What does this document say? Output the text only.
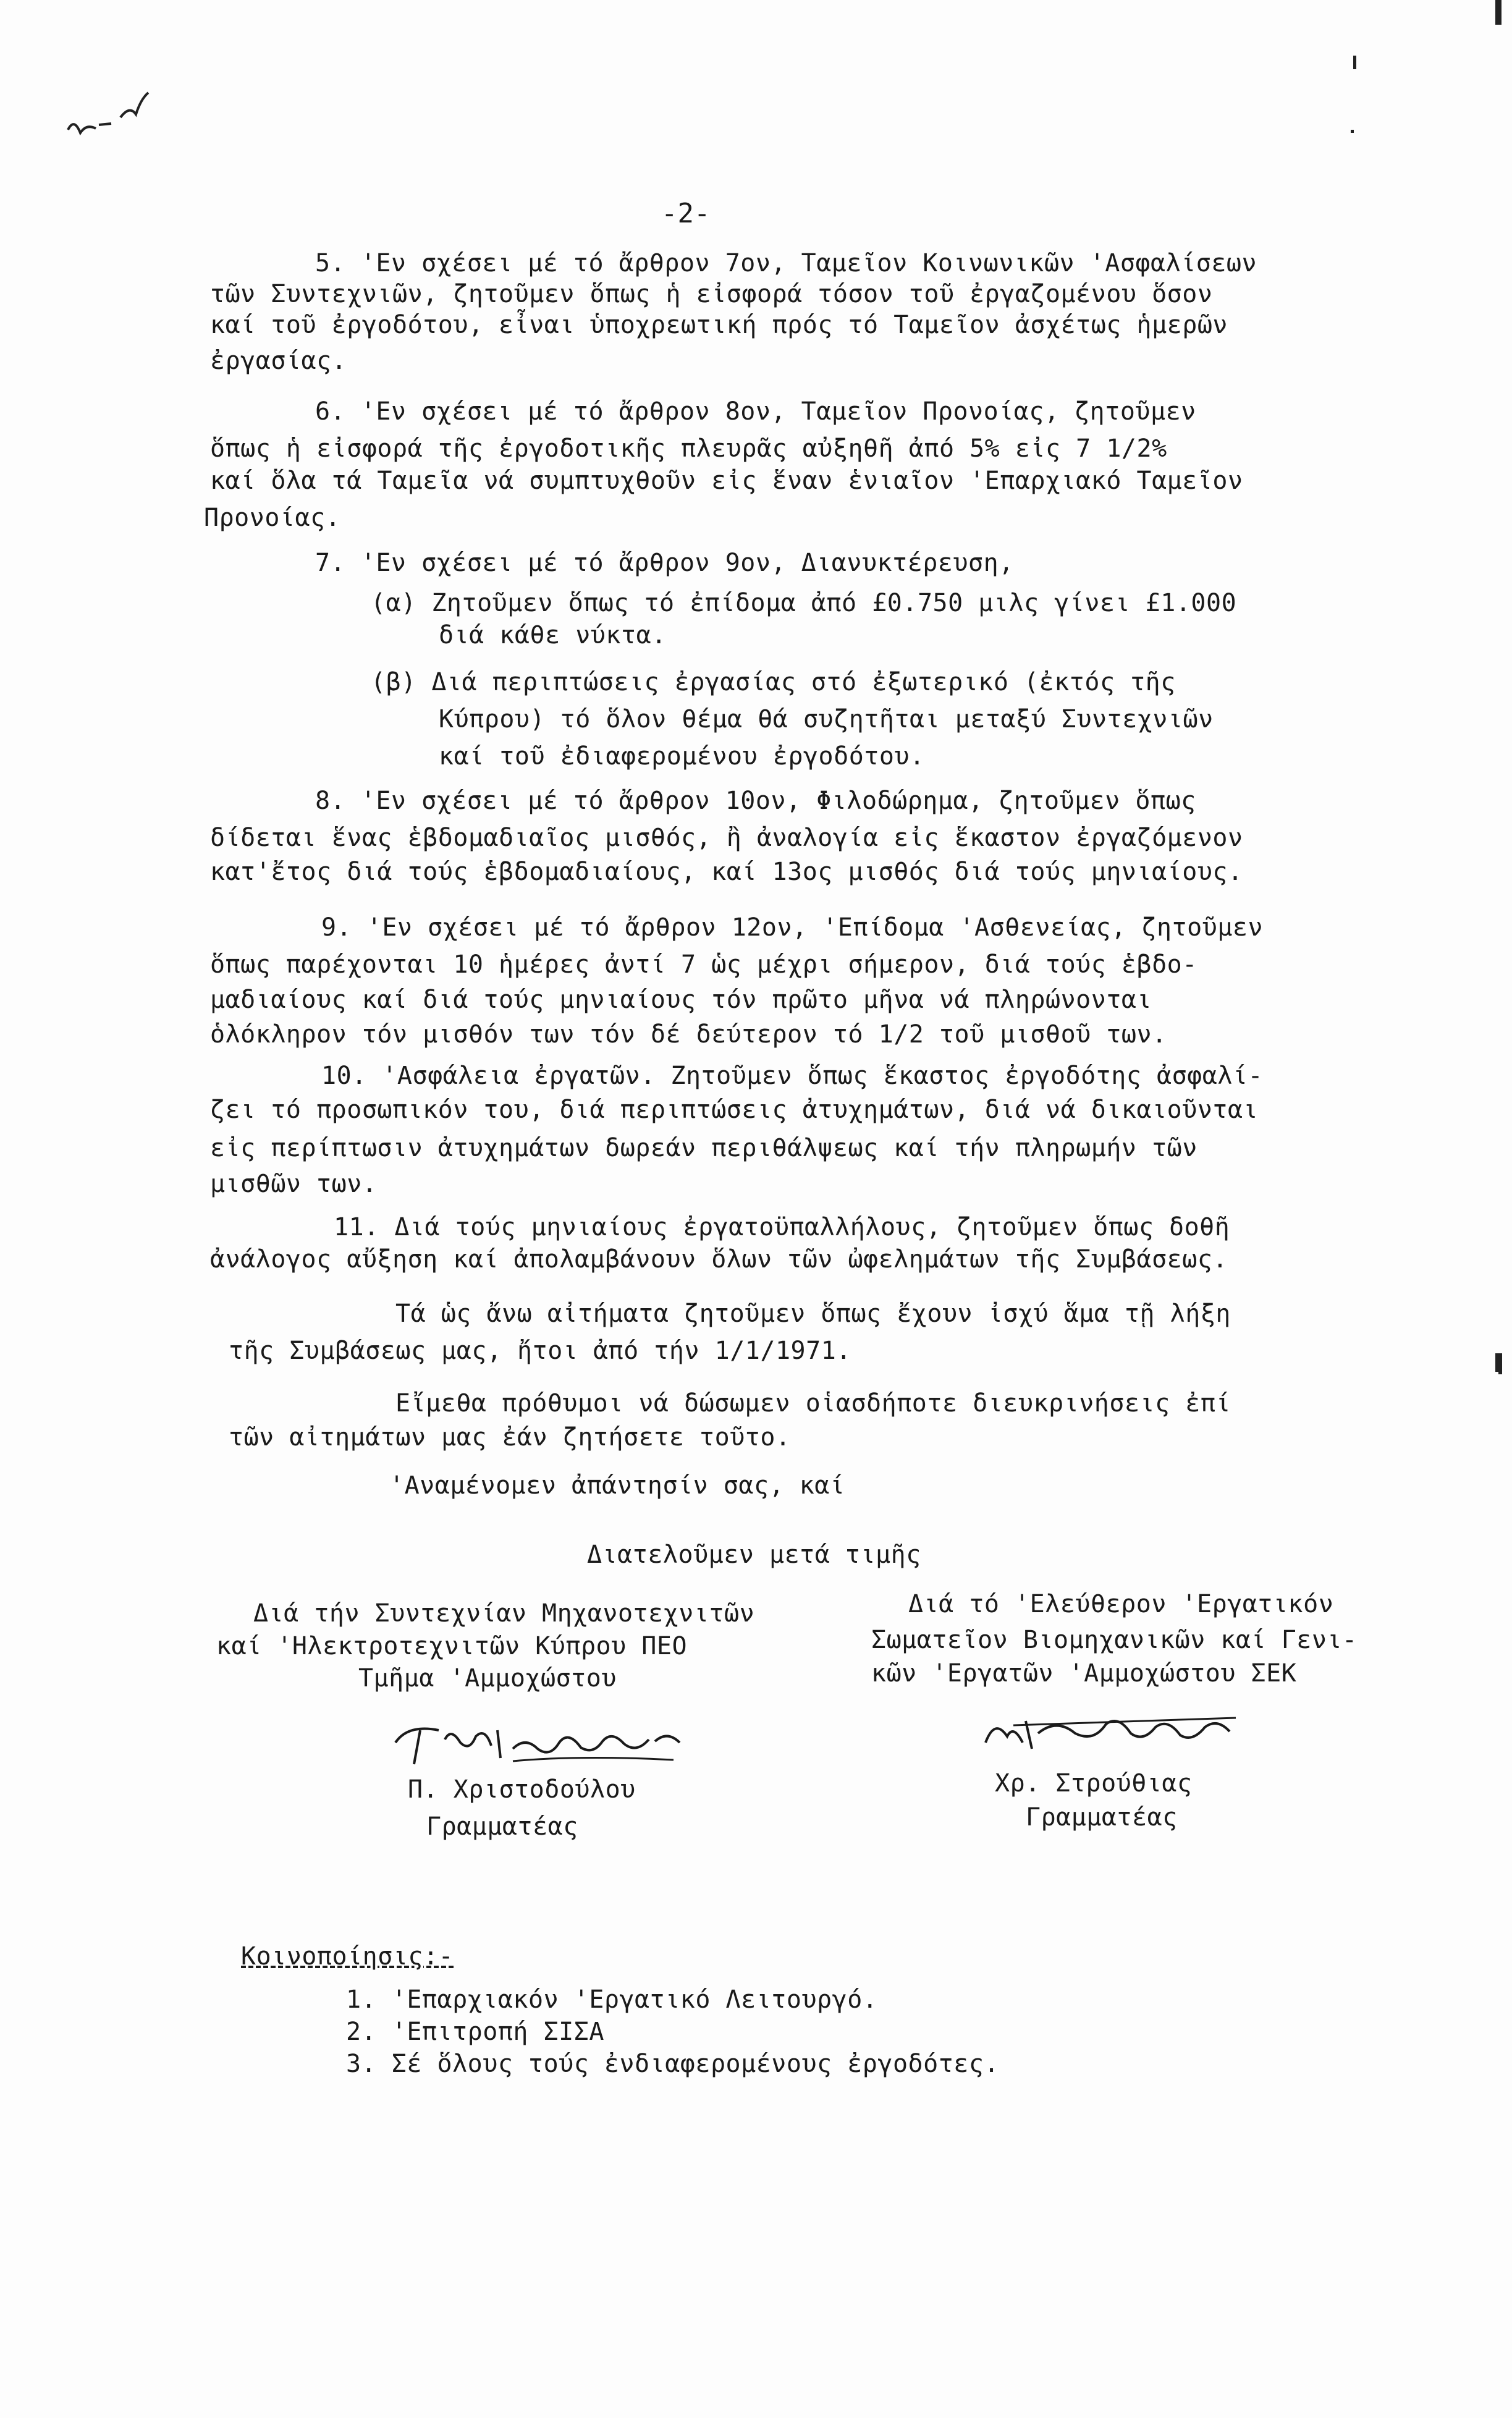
-2-
5. 'Εν σχέσει μέ τό ἄρθρον 7ον, Ταμεῖον Κοινωνικῶν 'Ασφαλίσεων
τῶν Συντεχνιῶν, ζητοῦμεν ὅπως ἡ εἰσφορά τόσον τοῦ ἐργαζομένου ὅσον
καί τοῦ ἐργοδότου, εἶναι ὑποχρεωτική πρός τό Ταμεῖον ἀσχέτως ἡμερῶν
ἐργασίας.
6. 'Εν σχέσει μέ τό ἄρθρον 8ον, Ταμεῖον Προνοίας, ζητοῦμεν
ὅπως ἡ εἰσφορά τῆς ἐργοδοτικῆς πλευρᾶς αὐξηθῆ ἀπό 5% εἰς 7 1/2%
καί ὅλα τά Ταμεῖα νά συμπτυχθοῦν εἰς ἕναν ἑνιαῖον 'Επαρχιακό Ταμεῖον
Προνοίας.
7. 'Εν σχέσει μέ τό ἄρθρον 9ον, Διανυκτέρευση,
(α) Ζητοῦμεν ὅπως τό ἐπίδομα ἀπό £0.750 μιλς γίνει £1.000
διά κάθε νύκτα.
(β) Διά περιπτώσεις ἐργασίας στό ἐξωτερικό (ἐκτός τῆς
Κύπρου) τό ὅλον θέμα θά συζητῆται μεταξύ Συντεχνιῶν
καί τοῦ ἐδιαφερομένου ἐργοδότου.
8. 'Εν σχέσει μέ τό ἄρθρον 10ον, Φιλοδώρημα, ζητοῦμεν ὅπως
δίδεται ἕνας ἑβδομαδιαῖος μισθός, ἢ ἀναλογία εἰς ἕκαστον ἐργαζόμενον
κατ'ἔτος διά τούς ἑβδομαδιαίους, καί 13ος μισθός διά τούς μηνιαίους.
9. 'Εν σχέσει μέ τό ἄρθρον 12ον, 'Επίδομα 'Ασθενείας, ζητοῦμεν
ὅπως παρέχονται 10 ἡμέρες ἀντί 7 ὡς μέχρι σήμερον, διά τούς ἑβδο-
μαδιαίους καί διά τούς μηνιαίους τόν πρῶτο μῆνα νά πληρώνονται
ὁλόκληρον τόν μισθόν των τόν δέ δεύτερον τό 1/2 τοῦ μισθοῦ των.
10. 'Ασφάλεια ἐργατῶν. Ζητοῦμεν ὅπως ἕκαστος ἐργοδότης ἀσφαλί-
ζει τό προσωπικόν του, διά περιπτώσεις ἀτυχημάτων, διά νά δικαιοῦνται
εἰς περίπτωσιν ἀτυχημάτων δωρεάν περιθάλψεως καί τήν πληρωμήν τῶν
μισθῶν των.
11. Διά τούς μηνιαίους ἐργατοϋπαλλήλους, ζητοῦμεν ὅπως δοθῆ
ἀνάλογος αὔξηση καί ἀπολαμβάνουν ὅλων τῶν ὠφελημάτων τῆς Συμβάσεως.
Τά ὡς ἄνω αἰτήματα ζητοῦμεν ὅπως ἔχουν ἰσχύ ἅμα τῇ λήξη
τῆς Συμβάσεως μας, ἤτοι ἀπό τήν 1/1/1971.
Εἴμεθα πρόθυμοι νά δώσωμεν οἱασδήποτε διευκρινήσεις ἐπί
τῶν αἰτημάτων μας ἐάν ζητήσετε τοῦτο.
'Αναμένομεν ἀπάντησίν σας, καί
Διατελοῦμεν μετά τιμῆς
Διά τήν Συντεχνίαν Μηχανοτεχνιτῶν
καί 'Ηλεκτροτεχνιτῶν Κύπρου ΠΕΟ
Τμῆμα 'Αμμοχώστου
Π. Χριστοδούλου
Γραμματέας
Διά τό 'Ελεύθερον 'Εργατικόν
Σωματεῖον Βιομηχανικῶν καί Γενι-
κῶν 'Εργατῶν 'Αμμοχώστου ΣΕΚ
Χρ. Στρούθιας
Γραμματέας
Κοινοποίησις:-
1. 'Επαρχιακόν 'Εργατικό Λειτουργό.
2. 'Επιτροπή ΣΙΣΑ
3. Σέ ὅλους τούς ἐνδιαφερομένους ἐργοδότες.
